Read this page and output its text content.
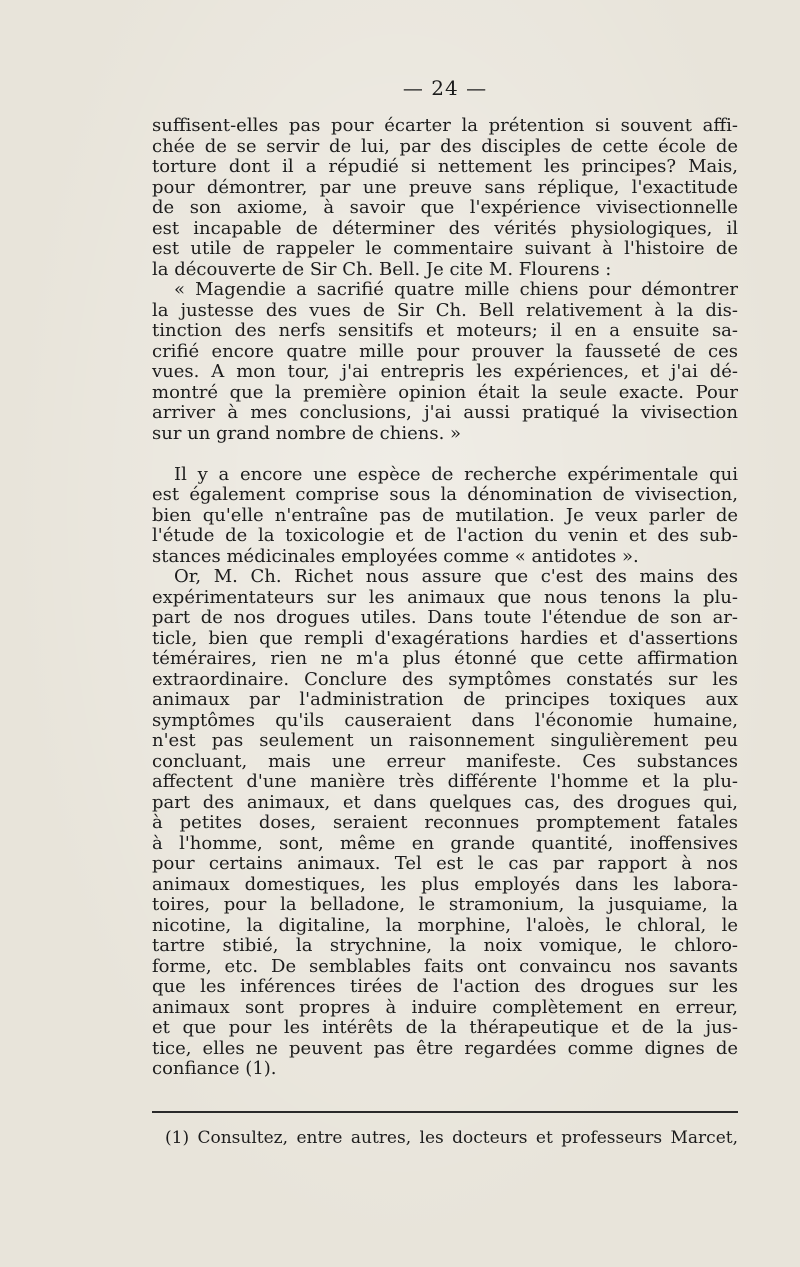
— 24 —
suffisent-elles pas pour écarter la prétention si souvent affi-
chée de se servir de lui, par des disciples de cette école de
torture dont il a répudié si nettement les principes? Mais,
pour démontrer, par une preuve sans réplique, l'exactitude
de son axiome, à savoir que l'expérience vivisectionnelle
est incapable de déterminer des vérités physiologiques, il
est utile de rappeler le commentaire suivant à l'histoire de
la découverte de Sir Ch. Bell. Je cite M. Flourens :
« Magendie a sacrifié quatre mille chiens pour démontrer
la justesse des vues de Sir Ch. Bell relativement à la dis-
tinction des nerfs sensitifs et moteurs; il en a ensuite sa-
crifié encore quatre mille pour prouver la fausseté de ces
vues. A mon tour, j'ai entrepris les expériences, et j'ai dé-
montré que la première opinion était la seule exacte. Pour
arriver à mes conclusions, j'ai aussi pratiqué la vivisection
sur un grand nombre de chiens. »
Il y a encore une espèce de recherche expérimentale qui
est également comprise sous la dénomination de vivisection,
bien qu'elle n'entraîne pas de mutilation. Je veux parler de
l'étude de la toxicologie et de l'action du venin et des sub-
stances médicinales employées comme « antidotes ».
Or, M. Ch. Richet nous assure que c'est des mains des
expérimentateurs sur les animaux que nous tenons la plu-
part de nos drogues utiles. Dans toute l'étendue de son ar-
ticle, bien que rempli d'exagérations hardies et d'assertions
téméraires, rien ne m'a plus étonné que cette affirmation
extraordinaire. Conclure des symptômes constatés sur les
animaux par l'administration de principes toxiques aux
symptômes qu'ils causeraient dans l'économie humaine,
n'est pas seulement un raisonnement singulièrement peu
concluant, mais une erreur manifeste. Ces substances
affectent d'une manière très différente l'homme et la plu-
part des animaux, et dans quelques cas, des drogues qui,
à petites doses, seraient reconnues promptement fatales
à l'homme, sont, même en grande quantité, inoffensives
pour certains animaux. Tel est le cas par rapport à nos
animaux domestiques, les plus employés dans les labora-
toires, pour la belladone, le stramonium, la jusquiame, la
nicotine, la digitaline, la morphine, l'aloès, le chloral, le
tartre stibié, la strychnine, la noix vomique, le chloro-
forme, etc. De semblables faits ont convaincu nos savants
que les inférences tirées de l'action des drogues sur les
animaux sont propres à induire complètement en erreur,
et que pour les intérêts de la thérapeutique et de la jus-
tice, elles ne peuvent pas être regardées comme dignes de
confiance (1).
(1) Consultez, entre autres, les docteurs et professeurs Marcet,
